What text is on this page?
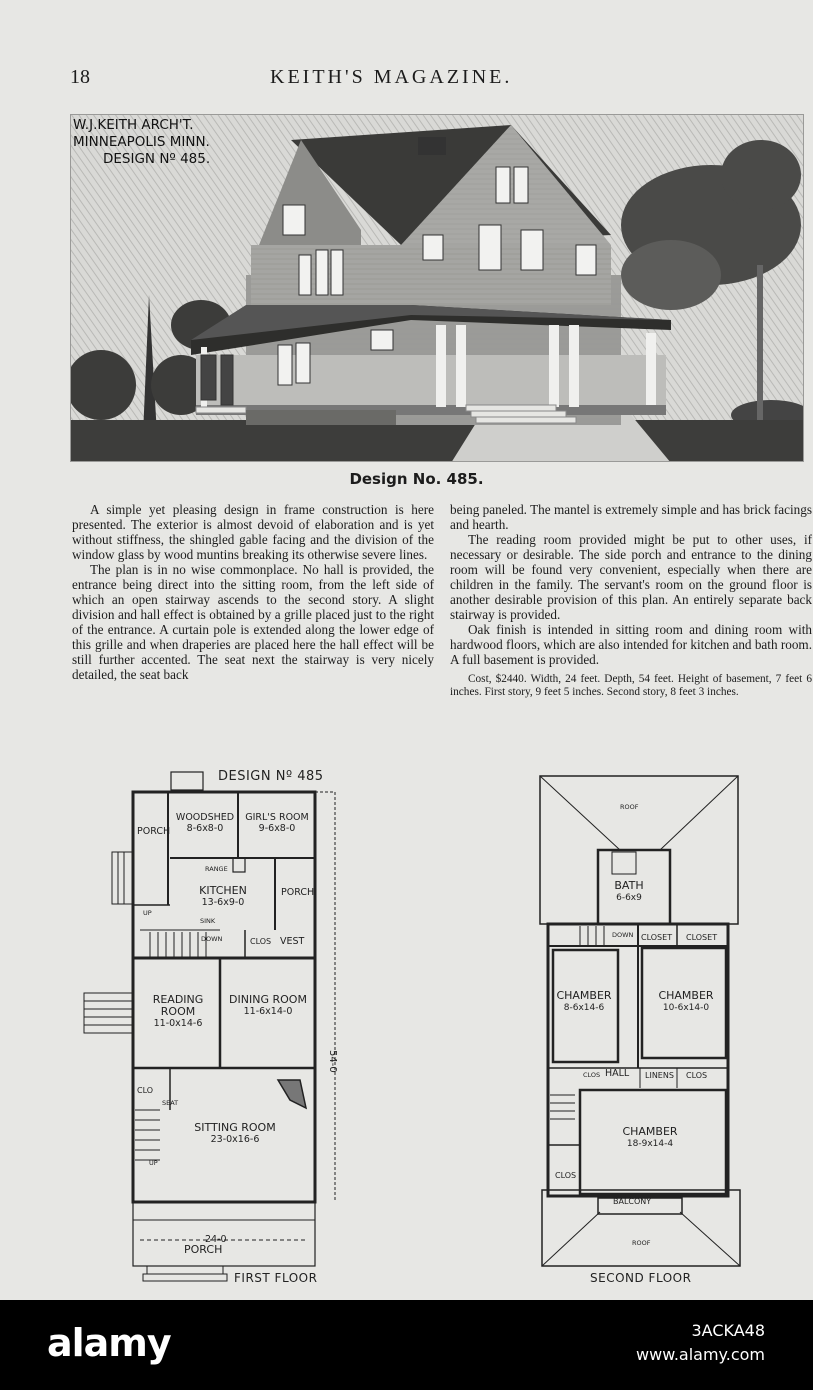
18	KEITH'S MAGAZINE.
W.J.KEITH ARCH'T.
MINNEAPOLIS MINN.
DESIGN Nº 485.
Design No. 485.

A simple yet pleasing design in frame construction is here presented. The exterior is almost devoid of elaboration and is yet without stiffness, the shingled gable facing and the division of the window glass by wood muntins breaking its otherwise severe lines.

The plan is in no wise commonplace. No hall is provided, the entrance being direct into the sitting room, from the left side of which an open stairway ascends to the second story. A slight division and hall effect is obtained by a grille placed just to the right of the entrance. A curtain pole is extended along the lower edge of this grille and when draperies are placed here the hall effect will be still further accented. The seat next the stairway is very nicely detailed, the seat back

being paneled. The mantel is extremely simple and has brick facings and hearth.

The reading room provided might be put to other uses, if necessary or desirable. The side porch and entrance to the dining room will be found very convenient, especially when there are children in the family. The servant's room on the ground floor is another desirable provision of this plan. An entirely separate back stairway is provided.

Oak finish is intended in sitting room and dining room with hardwood floors, which are also intended for kitchen and bath room. A full basement is provided.

Cost, $2440. Width, 24 feet. Depth, 54 feet. Height of basement, 7 feet 6 inches. First story, 9 feet 5 inches. Second story, 8 feet 3 inches.

54-0
DESIGN Nº 485
PORCH
WOODSHED
8-6x8-0
GIRL'S ROOM
9-6x8-0
RANGE
KITCHEN
13-6x9-0
PORCH
SINK
CLOS VEST
UP
DOWN
READING ROOM
11-0x14-6
DINING ROOM
11-6x14-0
CLO
SEAT
SITTING ROOM
23-0x16-6
UP
24-0
PORCH
FIRST FLOOR
ROOF
BATH
6-6x9
DOWN CLOSET CLOSET
CHAMBER
8-6x14-6
CHAMBER
10-6x14-0
HALL LINENS
CLOS	CLOS
CHAMBER
18-9x14-4
CLOS
BALCONY
ROOF
SECOND FLOOR
alamy	3ACKA48
www.alamy.com
